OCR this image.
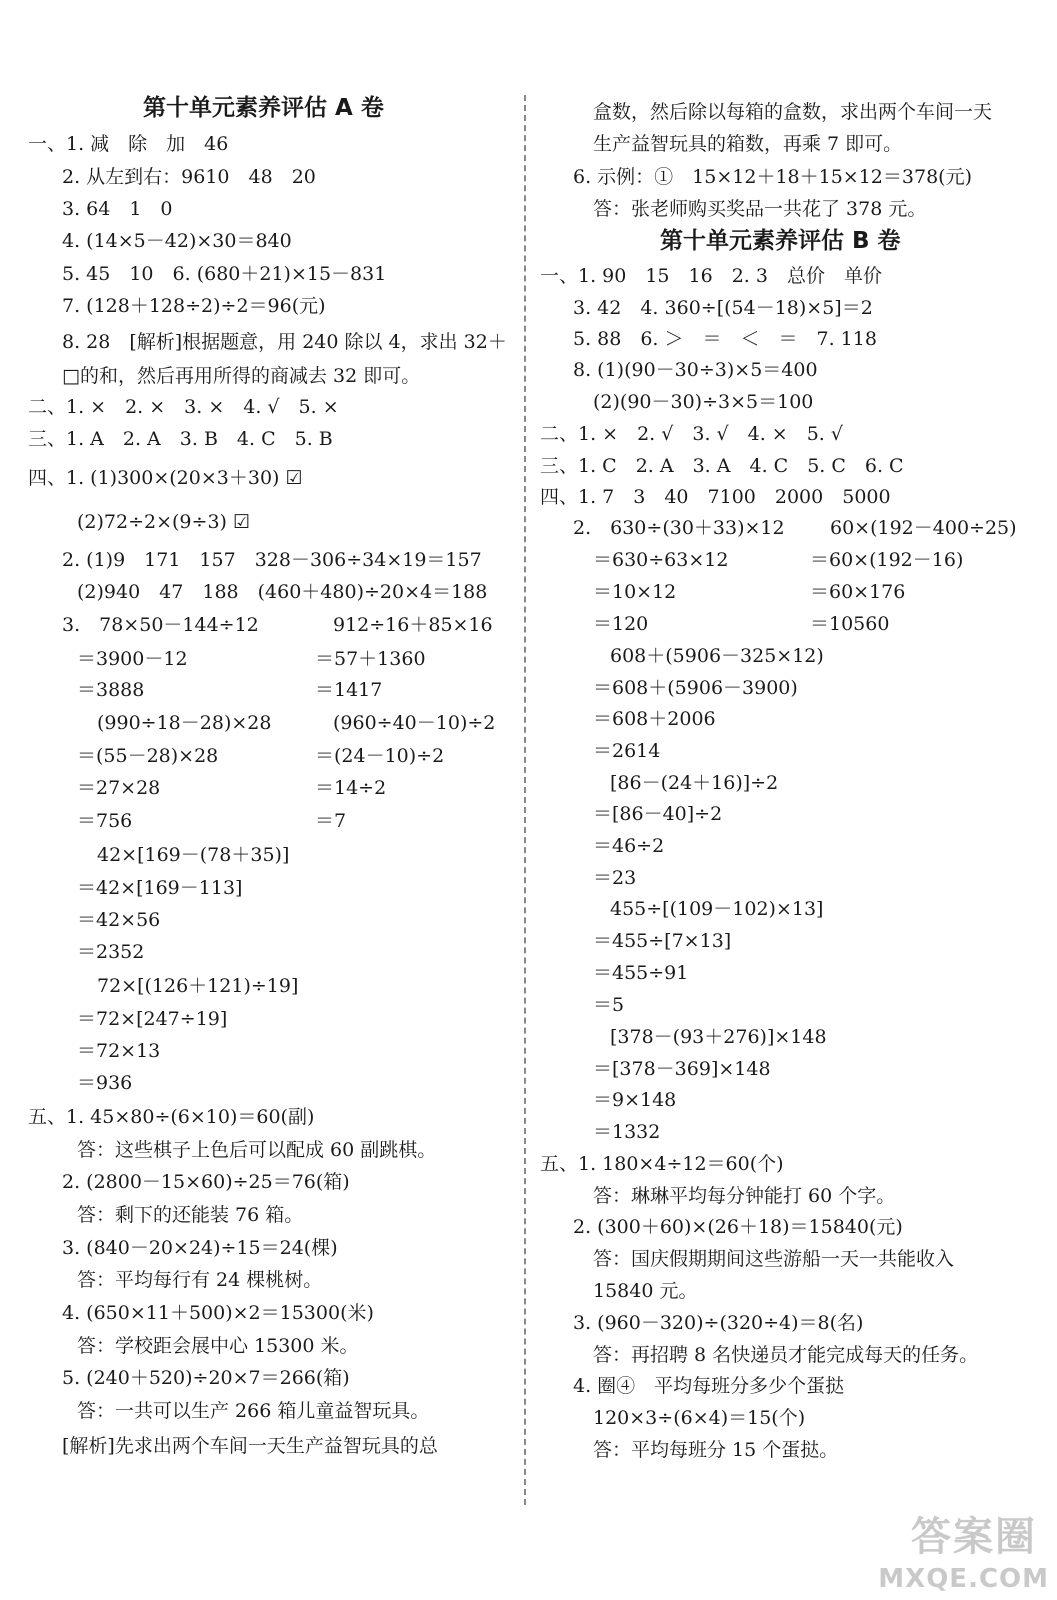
第十单元素养评估 A 卷
一、1. 减　除　加　46
2. 从左到右：9610　48　20
3. 64　1　0
4. (14×5－42)×30＝840
5. 45　10　6. (680＋21)×15－831
7. (128＋128÷2)÷2＝96(元)
8. 28　[解析]根据题意，用 240 除以 4，求出 32＋
□的和，然后再用所得的商减去 32 即可。
二、1. ×　2. ×　3. ×　4. √　5. ×
三、1. A　2. A　3. B　4. C　5. B
四、1. (1)300×(20×3＋30) ☑
(2)72÷2×(9÷3) ☑
2. (1)9　171　157　328－306÷34×19＝157
(2)940　47　188　(460＋480)÷20×4＝188
3.　78×50－144÷12	912÷16＋85×16
＝3900－12	＝57＋1360
＝3888	＝1417
(990÷18－28)×28	(960÷40－10)÷2
＝(55－28)×28	＝(24－10)÷2
＝27×28	＝14÷2
＝756	＝7
42×[169－(78＋35)]
＝42×[169－113]
＝42×56
＝2352
72×[(126＋121)÷19]
＝72×[247÷19]
＝72×13
＝936
五、1. 45×80÷(6×10)＝60(副)
答：这些棋子上色后可以配成 60 副跳棋。
2. (2800－15×60)÷25＝76(箱)
答：剩下的还能装 76 箱。
3. (840－20×24)÷15＝24(棵)
答：平均每行有 24 棵桃树。
4. (650×11＋500)×2＝15300(米)
答：学校距会展中心 15300 米。
5. (240＋520)÷20×7＝266(箱)
答：一共可以生产 266 箱儿童益智玩具。
[解析]先求出两个车间一天生产益智玩具的总
盒数，然后除以每箱的盒数，求出两个车间一天
生产益智玩具的箱数，再乘 7 即可。
6. 示例：①　15×12＋18＋15×12＝378(元)
答：张老师购买奖品一共花了 378 元。
第十单元素养评估 B 卷
一、1. 90　15　16　2. 3　总价　单价
3. 42　4. 360÷[(54－18)×5]＝2
5. 88　6. ＞　＝　＜　＝　7. 118
8. (1)(90－30÷3)×5＝400
(2)(90－30)÷3×5＝100
二、1. ×　2. √　3. √　4. ×　5. √
三、1. C　2. A　3. A　4. C　5. C　6. C
四、1. 7　3　40　7100　2000　5000
2.　630÷(30＋33)×12 60×(192－400÷25)
＝630÷63×12	＝60×(192－16)
＝10×12	＝60×176
＝120	＝10560
608＋(5906－325×12)
＝608＋(5906－3900)
＝608＋2006
＝2614
[86－(24＋16)]÷2
＝[86－40]÷2
＝46÷2
＝23
455÷[(109－102)×13]
＝455÷[7×13]
＝455÷91
＝5
[378－(93＋276)]×148
＝[378－369]×148
＝9×148
＝1332
五、1. 180×4÷12＝60(个)
答：琳琳平均每分钟能打 60 个字。
2. (300＋60)×(26＋18)＝15840(元)
答：国庆假期期间这些游船一天一共能收入
15840 元。
3. (960－320)÷(320÷4)＝8(名)
答：再招聘 8 名快递员才能完成每天的任务。
4. 圈④　平均每班分多少个蛋挞
120×3÷(6×4)＝15(个)
答：平均每班分 15 个蛋挞。
答案圈
MXQE.COM
